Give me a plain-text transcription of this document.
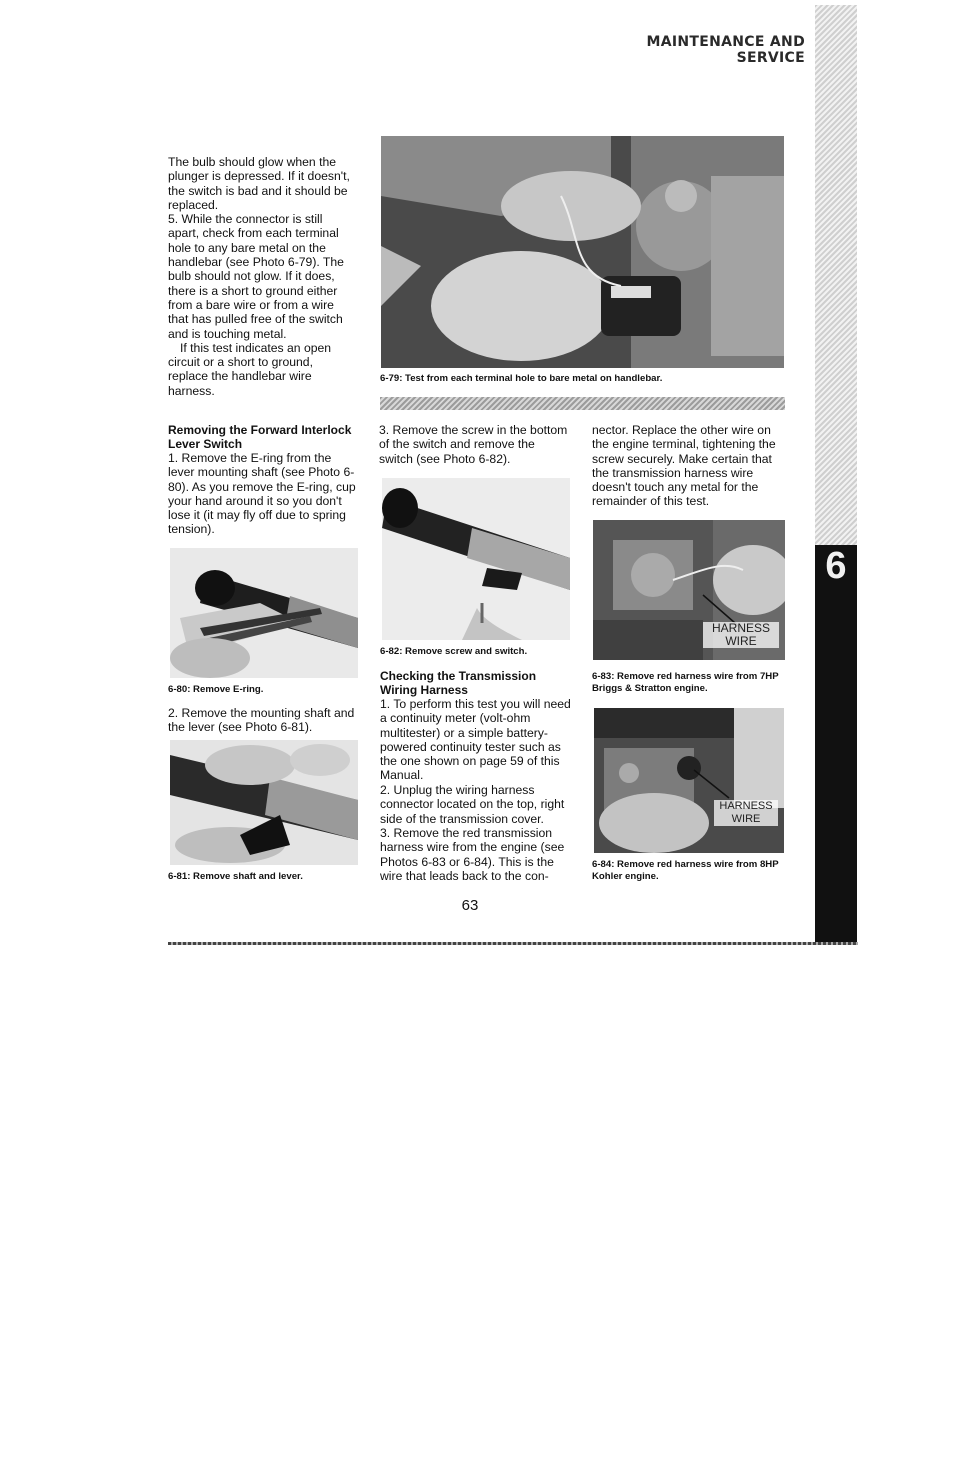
MAINTENANCE AND SERVICE
6

The bulb should glow when the plunger is depressed. If it doesn't, the switch is bad and it should be replaced.

5. While the connector is still apart, check from each terminal hole to any bare metal on the handlebar (see Photo 6-79). The bulb should not glow. If it does, there is a short to ground either from a bare wire or from a wire that has pulled free of the switch and is touching metal.

If this test indicates an open circuit or a short to ground, replace the handlebar wire harness.

6-79: Test from each terminal hole to bare metal on handlebar.
Removing the Forward Interlock Lever Switch
1. Remove the E-ring from the lever mounting shaft (see Photo 6-80). As you remove the E-ring, cup your hand around it so you don't lose it (it may fly off due to spring tension).
6-80: Remove E-ring.
2. Remove the mounting shaft and the lever (see Photo 6-81).
6-81: Remove shaft and lever.
3. Remove the screw in the bottom of the switch and remove the switch (see Photo 6-82).
6-82: Remove screw and switch.
Checking the Transmission Wiring Harness
1. To perform this test you will need a continuity meter (volt-ohm multitester) or a simple battery-powered continuity tester such as the one shown on page 59 of this Manual.
2. Unplug the wiring harness connector located on the top, right side of the transmission cover.
3. Remove the red transmission harness wire from the engine (see Photos 6-83 or 6-84). This is the wire that leads back to the con-
nector. Replace the other wire on the engine terminal, tightening the screw securely. Make certain that the transmission harness wire doesn't touch any metal for the remainder of this test.
HARNESS
WIRE
6-83: Remove red harness wire from 7HP Briggs & Stratton engine.
HARNESS
WIRE
6-84: Remove red harness wire from 8HP Kohler engine.
63
